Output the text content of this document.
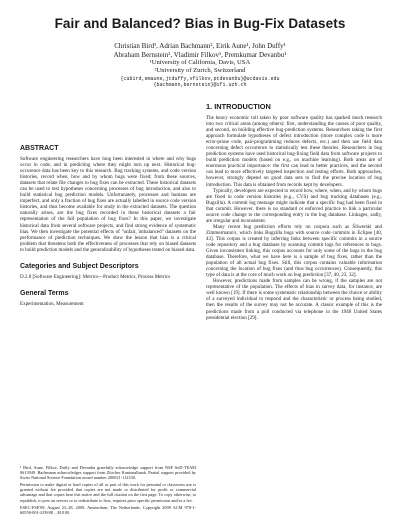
Fair and Balanced? Bias in Bug-Fix Datasets
Christian Bird¹, Adrian Bachmann², Eirik Aune¹, John Duffy¹
Abraham Bernstein², Vladimir Filkov¹, Premkumar Devanbu¹
¹University of California, Davis, USA
²University of Zurich, Switzerland
{cabird,emaune,jtduffy,vfilkov,ptdevanbu}@ucdavis.edu
{bachmann,bernstein}@ifi.uzh.ch
ABSTRACT

Software engineering researchers have long been interested in where and why bugs occur in code, and in predicting where they might turn up next. Historical bug-occurence data has been key to this research. Bug tracking systems, and code version histories, record when, how and by whom bugs were fixed; from these sources, datasets that relate file changes to bug fixes can be extracted. These historical datasets can be used to test hypotheses concerning processes of bug introduction, and also to build statistical bug prediction models. Unfortunately, processes and humans are imperfect, and only a fraction of bug fixes are actually labelled in source code version histories, and thus become available for study in the extracted datasets. The question naturally arises, are the bug fixes recorded in these historical datasets a fair representation of the full population of bug fixes? In this paper, we investigate historical data from several software projects, and find strong evidence of systematic bias. We then investigate the potential effects of "unfair, imbalanced" datasets on the performance of prediction techniques. We draw the lesson that bias is a critical problem that threatens both the effectiveness of processes that rely on biased datasets to build prediction models and the generalizability of hypotheses tested on biased data.

Categories and Subject Descriptors

D.2.8 [Software Engineering]: Metrics—Product Metrics, Process Metrics

General Terms

Experimentation, Measurement

¹ Bird, Aune, Filkov, Duffy and Devanbu gratefully acknowledge support from NSF SoD-TEAM 0613949. Bachmann acknowledges support from Zürcher Kantonalbank. Partial support provided by Swiss National Science Foundation award number 200021-112330.

Permission to make digital or hard copies of all or part of this work for personal or classroom use is granted without fee provided that copies are not made or distributed for profit or commercial advantage and that copies bear this notice and the full citation on the first page. To copy otherwise, to republish, to post on servers or to redistribute to lists, requires prior specific permission and/or a fee.

ESEC-FSE'09, August 23–28, 2009, Amsterdam, The Netherlands. Copyright 2009 ACM 978-1-60558-001-2/09/08 ...$10.00.

1. INTRODUCTION

The heavy economic toll taken by poor software quality has sparked much research into two critical areas (among others): first, understanding the causes of poor quality, and second, on building effective bug-prediction systems. Researchers taking the first approach formulate hypotheses of defect introduction (more complex code is more error-prone code, pair-programming reduces defects, etc.) and then use field data concerning defect occurrence to statistically test these theories. Researchers in bug prediction systems have used historical bug-fixing field data from software projects to build prediction models (based on e.g., on machine learning). Both areas are of enormous practical importance: the first can lead to better practices, and the second can lead to more effectively targeted inspection and testing efforts. Both approaches, however, strongly depend on good data sets to find the precise location of bug introduction. This data is obtained from records kept by developers.

Typically, developers are expected to record how, where, when, and by whom bugs are fixed in code version histories (e.g., CVS) and bug tracking databases (e.g., Bugzilla). A commit log message might indicate that a specific bug had been fixed in that commit. However, there is no standard or enforced practice to link a particular source code change to the corresponding entry in the bug database. Linkages, sadly, are irregular and inconsistent.

Many recent bug prediction efforts rely on corpora such as Śliwerski and Zimmermann's, which links Bugzilla bugs with source code commits in Eclipse [40, 43]. This corpus is created by inferring links between specific commits in a source code repository and a bug database by scanning commit logs for references to bugs. Given inconsistent linking, this corpus accounts for only some of the bugs in the bug database. Therefore, what we have here is a sample of bug fixes, rather than the population of all actual bug fixes. Still, this corpus contains valuable information concerning the location of bug fixes (and thus bug occurrences). Consequently, this type of data is at the core of much work on bug prediction [37, 40, 23, 32].

However, predictions made from samples can be wrong, if the samples are not representative of the population. The effects of bias in survey data, for instance, are well known [19]. If there is some systematic relationship between the choice or ability of a surveyed individual to respond and the characteristic or process being studied, then the results of the survey may not be accurate. A classic example of this is the predictions made from a poll conducted via telephone in the 1948 United States presidential election [29].
